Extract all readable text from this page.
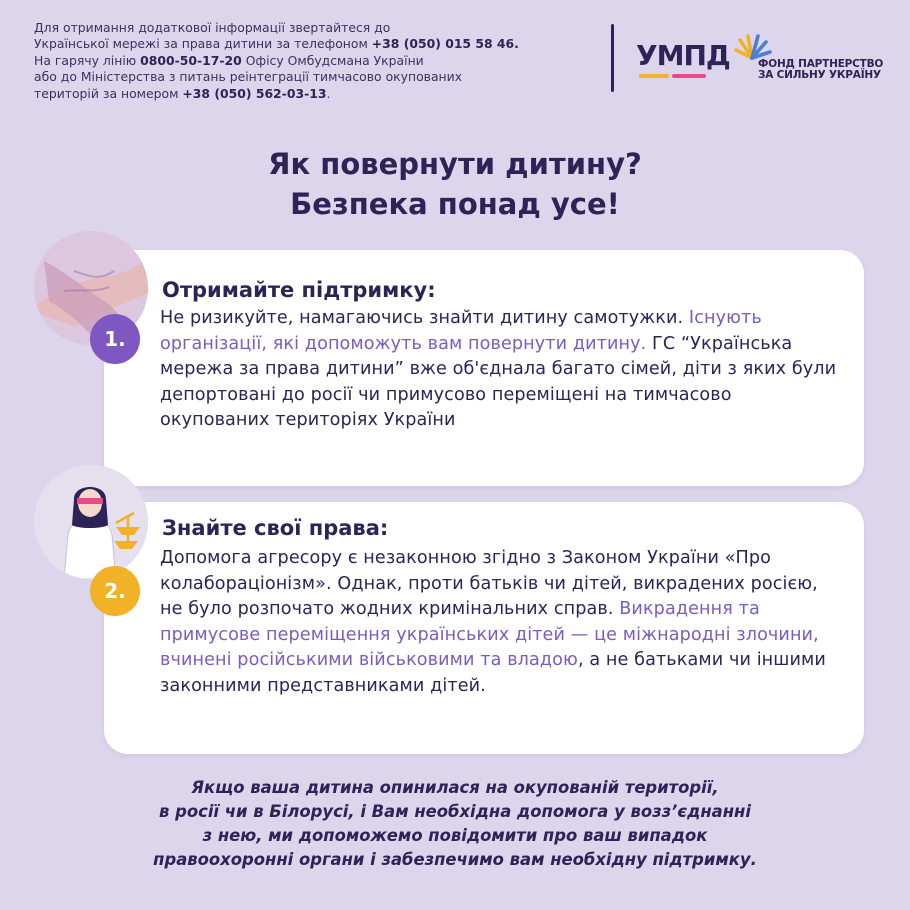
Для отримання додаткової інформації звертайтеся до
Української мережі за права дитини за телефоном +38 (050) 015 58 46.
На гарячу лінію 0800-50-17-20 Офісу Омбудсмана України
або до Міністерства з питань реінтеграції тимчасово окупованих
територій за номером +38 (050) 562-03-13.
УМПД	ФОНД ПАРТНЕРСТВО
ЗА СИЛЬНУ УКРАЇНУ
Як повернути дитину?
Безпека понад усе!
Отримайте підтримку:
Не ризикуйте, намагаючись знайти дитину самотужки. Існують організації, які допоможуть вам повернути дитину. ГС “Українська мережа за права дитини” вже об'єднала багато сімей, діти з яких були депортовані до росії чи примусово переміщені на тимчасово окупованих територіях України
Знайте свої права:
Допомога агресору є незаконною згідно з Законом України «Про колабораціонізм». Однак, проти батьків чи дітей, викрадених росією, не було розпочато жодних кримінальних справ. Викрадення та примусове переміщення українських дітей — це міжнародні злочини, вчинені російськими військовими та владою, а не батьками чи іншими законними представниками дітей.
1.
2.
Якщо ваша дитина опинилася на окупованій території,
в росії чи в Білорусі, і Вам необхідна допомога у возз’єднанні
з нею, ми допоможемо повідомити про ваш випадок
правоохоронні органи і забезпечимо вам необхідну підтримку.
